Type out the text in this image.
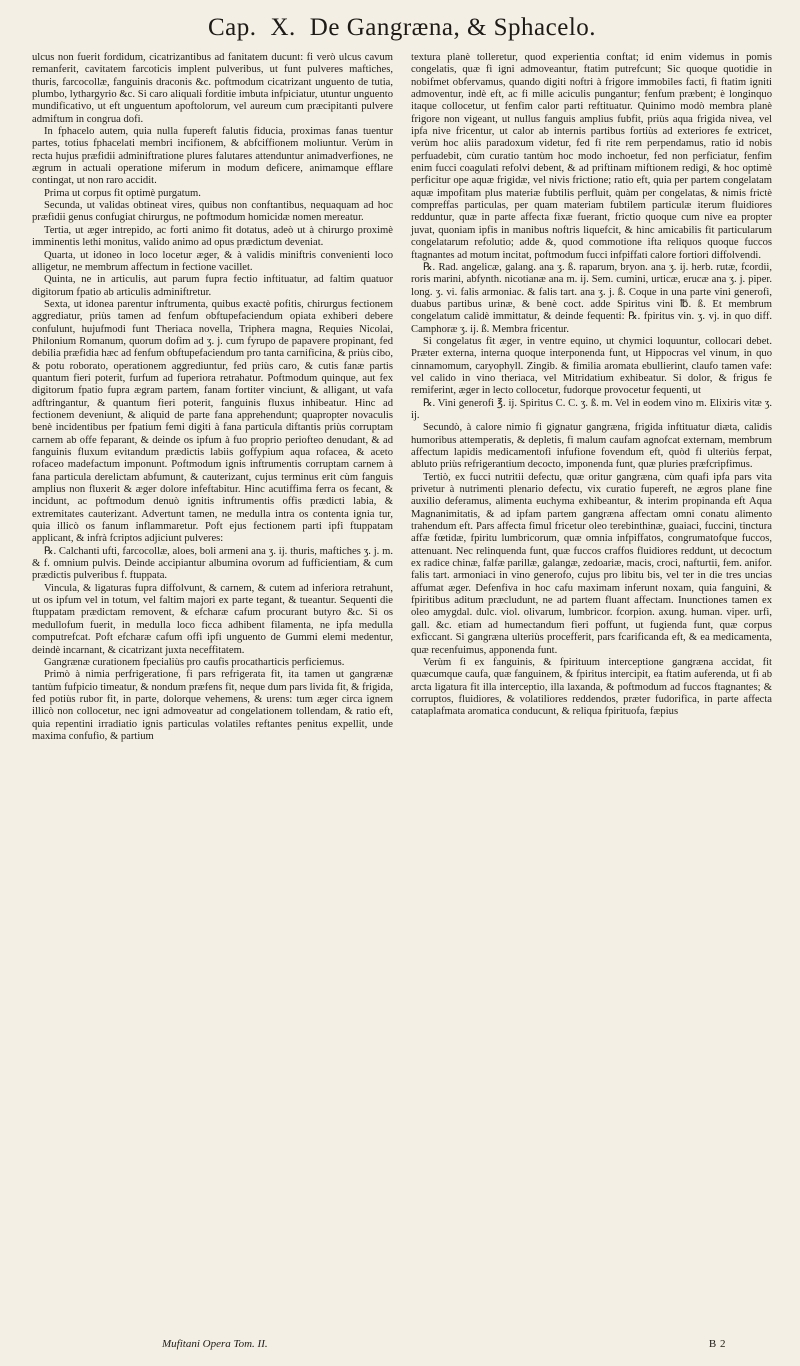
Cap. X. De Gangræna, & Sphacelo.

ulcus non fuerit fordidum, cicatrizantibus ad fanitatem ducunt: fi verò ulcus cavum remanferit, cavitatem farcoticis implent pulveribus, ut funt pulveres maftiches, thuris, farcocollæ, fanguinis draconis &c. poftmodum cicatrizant unguento de tutia, plumbo, lythargyrio &c. Si caro aliquali forditie imbuta infpiciatur, utuntur unguento mundificativo, ut eft unguentum apoftolorum, vel aureum cum præcipitanti pulvere admiftum in congrua dofi.

In fphacelo autem, quia nulla fupereft falutis fiducia, proximas fanas tuentur partes, totius fphacelati membri incifionem, & abfciffionem moliuntur. Verùm in recta hujus præfidii adminiftratione plures falutares attenduntur animadverfiones, ne ægrum in actuali operatione miferum in modum deficere, animamque efflare contingat, ut non raro accidit.

Prima ut corpus fit optimè purgatum.

Secunda, ut validas obtineat vires, quibus non conftantibus, nequaquam ad hoc præfidii genus confugiat chirurgus, ne poftmodum homicidæ nomen mereatur.

Tertia, ut æger intrepido, ac forti animo fit dotatus, adeò ut à chirurgo proximè imminentis lethi monitus, valido animo ad opus prædictum deveniat.

Quarta, ut idoneo in loco locetur æger, & à validis miniftris convenienti loco alligetur, ne membrum affectum in fectione vacillet.

Quinta, ne in articulis, aut parum fupra fectio inftituatur, ad faltim quatuor digitorum fpatio ab articulis adminiftretur.

Sexta, ut idonea parentur inftrumenta, quibus exactè pofitis, chirurgus fectionem aggrediatur, priùs tamen ad fenfum obftupefaciendum opiata exhiberi debere confulunt, hujufmodi funt Theriaca novella, Triphera magna, Requies Nicolai, Philonium Romanum, quorum dofim ad ʒ. j. cum fyrupo de papavere propinant, fed debilia præfidia hæc ad fenfum obftupefaciendum pro tanta carnificina, & priùs cibo, & potu roborato, operationem aggrediuntur, fed priùs caro, & cutis fanæ partis quantum fieri poterit, furfum ad fuperiora retrahatur. Poftmodum quinque, aut fex digitorum fpatio fupra ægram partem, fanam fortiter vinciunt, & alligant, ut vafa adftringantur, & quantum fieri poterit, fanguinis fluxus inhibeatur. Hinc ad fectionem deveniunt, & aliquid de parte fana apprehendunt; quapropter novaculis benè incidentibus per fpatium femi digiti à fana particula diftantis priùs corruptam carnem ab offe feparant, & deinde os ipfum à fuo proprio periofteo denudant, & ad fanguinis fluxum evitandum prædictis labiis goffypium aqua rofacea, & aceto rofaceo madefactum imponunt. Poftmodum ignis inftrumentis corruptam carnem à fana particula derelictam abfumunt, & cauterizant, cujus terminus erit cùm fanguis amplius non fluxerit & æger dolore infeftabitur. Hinc acutiffima ferra os fecant, & incidunt, ac poftmodum denuò ignitis inftrumentis offis prædicti labia, & extremitates cauterizant. Advertunt tamen, ne medulla intra os contenta ignia tur, quia illicò os fanum inflammaretur. Poft ejus fectionem parti ipfi ftuppatam applicant, & infrà fcriptos adjiciunt pulveres:

℞. Calchanti ufti, farcocollæ, aloes, boli armeni ana ʒ. ij. thuris, maftiches ʒ. j. m. & f. omnium pulvis. Deinde accipiantur albumina ovorum ad fufficientiam, & cum prædictis pulveribus f. ftuppata.

Vincula, & ligaturas fupra diffolvunt, & carnem, & cutem ad inferiora retrahunt, ut os ipfum vel in totum, vel faltim majori ex parte tegant, & tueantur. Sequenti die ftuppatam prædictam removent, & efcharæ cafum procurant butyro &c. Si os medullofum fuerit, in medulla loco ficca adhibent filamenta, ne ipfa medulla computrefcat. Poft efcharæ cafum offi ipfi unguento de Gummi elemi medentur, deindè incarnant, & cicatrizant juxta neceffitatem.

Gangrænæ curationem fpecialiùs pro caufis procatharticis perficiemus.

Primò à nimia perfrigeratione, fi pars refrigerata fit, ita tamen ut gangrænæ tantùm fufpicio timeatur, & nondum præfens fit, neque dum pars livida fit, & frigida, fed potiùs rubor fit, in parte, dolorque vehemens, & urens: tum æger circa ignem illicò non collocetur, nec igni admoveatur ad congelationem tollendam, & ratio eft, quia repentini irradiatio ignis particulas volatiles reftantes penitus expellit, unde maxima confufio, & partium

textura planè tolleretur, quod experientia conftat; id enim videmus in pomis congelatis, quæ fi igni admoveantur, ftatim putrefcunt; Sic quoque quotidie in nobifmet obfervamus, quando digiti noftri à frigore immobiles facti, fi ftatim igniti admoventur, indè eft, ac fi mille aciculis pungantur; fenfum præbent; è longinquo itaque collocetur, ut fenfim calor parti reftituatur. Quinimo modò membra planè frigore non vigeant, ut nullus fanguis amplius fubfit, priùs aqua frigida nivea, vel ipfa nive fricentur, ut calor ab internis partibus fortiùs ad exteriores fe extricet, verùm hoc aliis paradoxum videtur, fed fi rite rem perpendamus, ratio id nobis perfuadebit, cùm curatio tantùm hoc modo inchoetur, fed non perficiatur, fenfim enim fucci coagulati refolvi debent, & ad priftinam miftionem redigi, & hoc optimè perficitur ope aquæ frigidæ, vel nivis frictione; ratio eft, quia per partem congelatam aquæ impofitam plus materiæ fubtilis perfluit, quàm per congelatas, & nimis frictè compreffas particulas, per quam materiam fubtilem particulæ iterum fluidiores redduntur, quæ in parte affecta fixæ fuerant, frictio quoque cum nive ea propter juvat, quoniam ipfis in manibus noftris liquefcit, & hinc amicabilis fit particularum congelatarum refolutio; adde &, quod commotione ifta reliquos quoque fuccos ftagnantes ad motum incitat, poftmodum fucci infpiffati calore fortiori diffolvendi.

℞. Rad. angelicæ, galang. ana ʒ. ß. raparum, bryon. ana ʒ. ij. herb. rutæ, fcordii, roris marini, abfynth. nicotianæ ana m. ij. Sem. cumini, urticæ, erucæ ana ʒ. j. piper. long. ʒ. vi. falis armoniac. & falis tart. ana ʒ. j. ß. Coque in una parte vini generofi, duabus partibus urinæ, & benè coct. adde Spiritus vini ℔. ß. Et membrum congelatum calidè immittatur, & deinde fequenti: ℞. fpiritus vin. ʒ. vj. in quo diff. Camphoræ ʒ. ij. ß. Membra fricentur.

Si congelatus fit æger, in ventre equino, ut chymici loquuntur, collocari debet. Præter externa, interna quoque interponenda funt, ut Hippocras vel vinum, in quo cinnamomum, caryophyll. Zingib. & fimilia aromata ebullierint, claufo tamen vafe: vel calido in vino theriaca, vel Mitridatium exhibeatur. Si dolor, & frigus fe remiferint, æger in lecto collocetur, fudorque provocetur fequenti, ut

℞. Vini generofi ℥. ij. Spiritus C. C. ʒ. ß. m. Vel in eodem vino m. Elixiris vitæ ʒ. ij.

Secundò, à calore nimio fi gignatur gangræna, frigida inftituatur diæta, calidis humoribus attemperatis, & depletis, fi malum caufam agnofcat externam, membrum affectum lapidis medicamentofi infufione fovendum eft, quòd fi ulteriùs ferpat, abluto priùs refrigerantium decocto, imponenda funt, quæ pluries præfcripfimus.

Tertiò, ex fucci nutritii defectu, quæ oritur gangræna, cùm quafi ipfa pars vita privetur à nutrimenti plenario defectu, vix curatio fupereft, ne ægros plane fine auxilio deferamus, alimenta euchyma exhibeantur, & interim propinanda eft Aqua Magnanimitatis, & ad ipfam partem gangræna affectam omni conatu alimento trahendum eft. Pars affecta fimul fricetur oleo terebinthinæ, guaiaci, fuccini, tinctura affæ fœtidæ, fpiritu lumbricorum, quæ omnia infpiffatos, congrumatofque fuccos, attenuant. Nec relinquenda funt, quæ fuccos craffos fluidiores reddunt, ut decoctum ex radice chinæ, falfæ parillæ, galangæ, zedoariæ, macis, croci, nafturtii, fem. anifor. falis tart. armoniaci in vino generofo, cujus pro libitu bis, vel ter in die tres uncias affumat æger. Defenfiva in hoc cafu maximam inferunt noxam, quia fanguini, & fpiritibus aditum præcludunt, ne ad partem fluant affectam. Inunctiones tamen ex oleo amygdal. dulc. viol. olivarum, lumbricor. fcorpion. axung. human. viper. urfi, gall. &c. etiam ad humectandum fieri poffunt, ut fugienda funt, quæ corpus exficcant. Si gangræna ulteriùs procefferit, pars fcarificanda eft, & ea medicamenta, quæ recenfuimus, apponenda funt.

Verùm fi ex fanguinis, & fpirituum interceptione gangræna accidat, fit quæcumque caufa, quæ fanguinem, & fpiritus intercipit, ea ftatim auferenda, ut fi ab arcta ligatura fit illa interceptio, illa laxanda, & poftmodum ad fuccos ftagnantes; & corruptos, fluidiores, & volatiliores reddendos, præter fudorifica, in parte affecta cataplafmata aromatica conducunt, & reliqua fpirituofa, fæpius

Mufitani Opera Tom. II.	B 2
